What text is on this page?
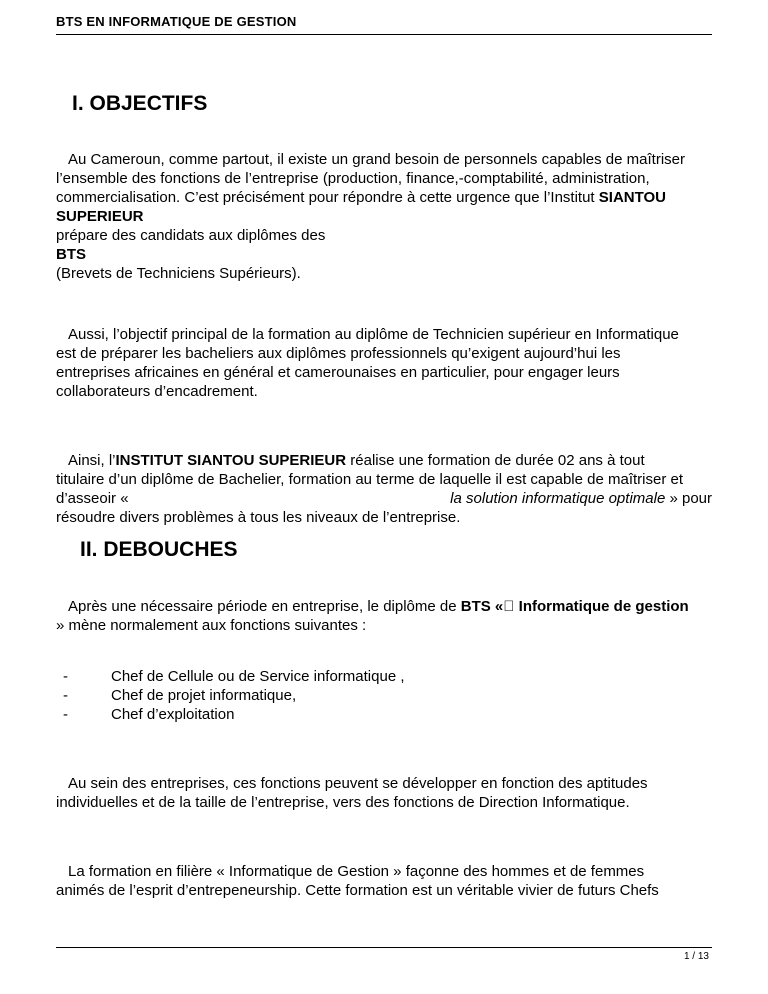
BTS EN INFORMATIQUE DE GESTION
I. OBJECTIFS
Au Cameroun, comme partout, il existe un grand besoin de personnels capables de maîtriser
l’ensemble des fonctions de l’entreprise (production, finance,-comptabilité, administration,
commercialisation. C’est précisément pour répondre à cette urgence que l’Institut SIANTOU
SUPERIEUR
prépare des candidats aux diplômes des
BTS
(Brevets de Techniciens Supérieurs).
Aussi, l’objectif principal de la formation au diplôme de Technicien supérieur en Informatique
est de préparer les bacheliers aux diplômes professionnels qu’exigent aujourd’hui les
entreprises africaines en général et camerounaises en particulier, pour engager leurs
collaborateurs d’encadrement.
Ainsi, l’INSTITUT SIANTOU SUPERIEUR réalise une formation de durée 02 ans à tout
titulaire d’un diplôme de Bachelier, formation au terme de laquelle il est capable de maîtriser et
d’asseoir «	la solution informatique optimale » pour
résoudre divers problèmes à tous les niveaux de l’entreprise.
II. DEBOUCHES
Après une nécessaire période en entreprise, le diplôme de BTS «  Informatique de gestion
» mène normalement aux fonctions suivantes :
-	Chef de Cellule ou de Service informatique ,
-	Chef de projet informatique,
-	Chef d’exploitation
Au sein des entreprises, ces fonctions peuvent se développer en fonction des aptitudes
individuelles et de la taille de l’entreprise, vers des fonctions de Direction Informatique.
La formation en filière « Informatique de Gestion » façonne des hommes et de femmes
animés de l’esprit d’entrepeneurship. Cette formation est un véritable vivier de futurs Chefs
1 / 13
